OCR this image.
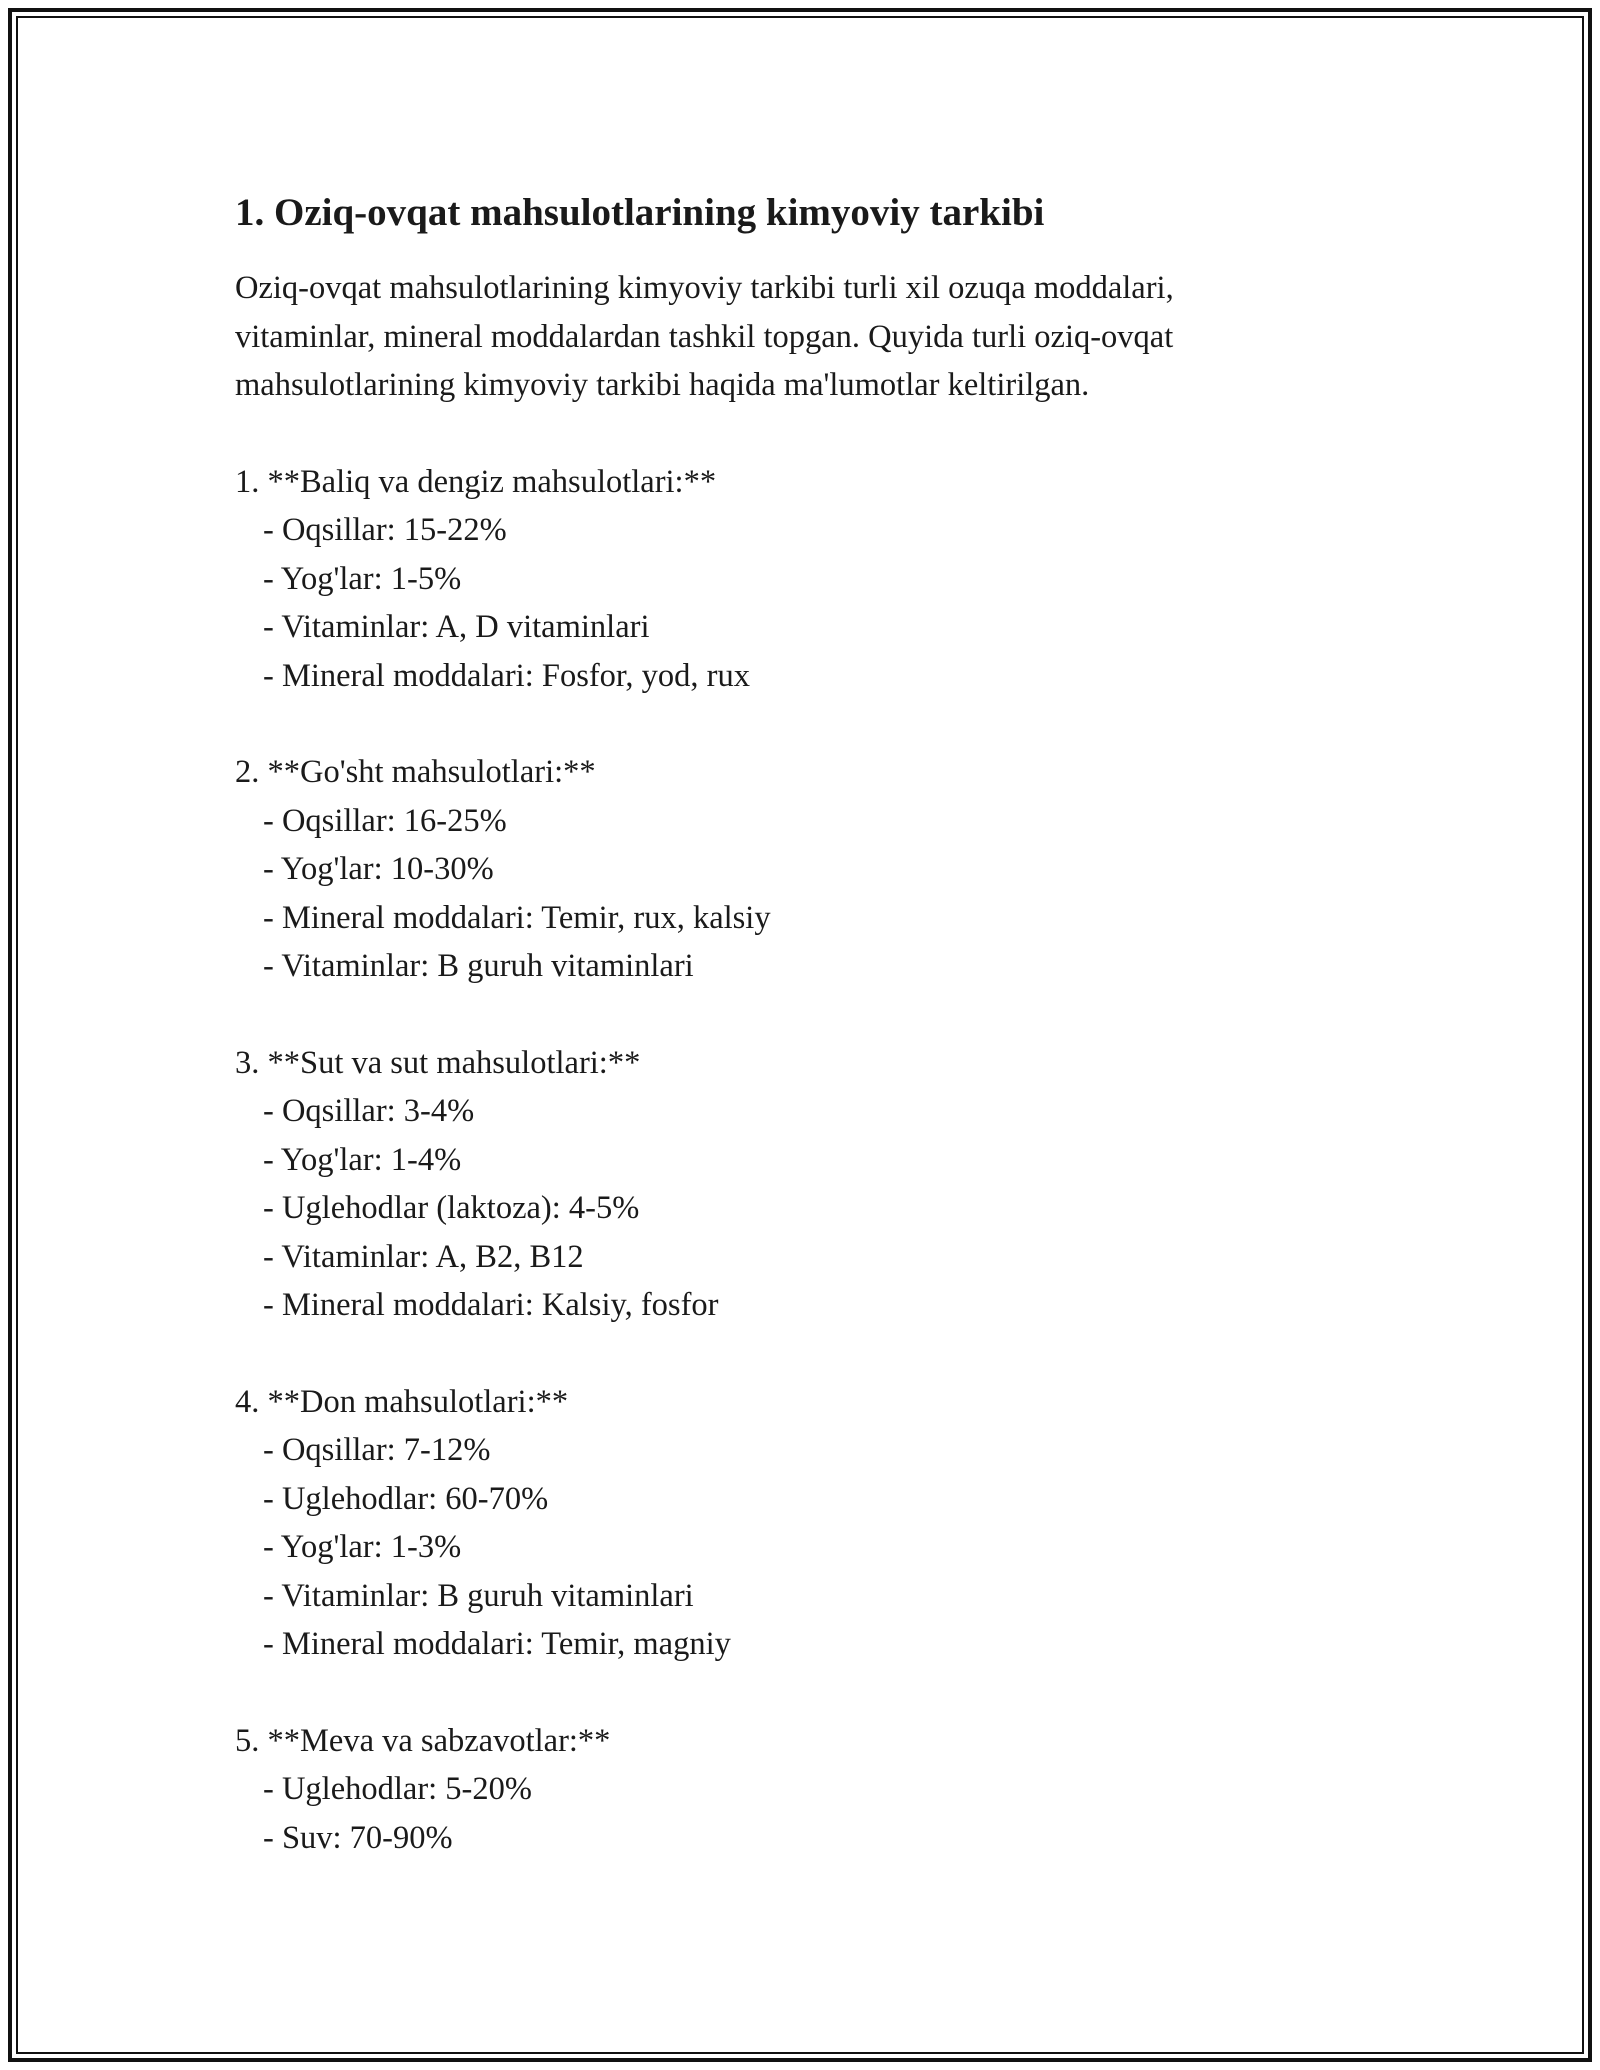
1. Oziq-ovqat mahsulotlarining kimyoviy tarkibi

Oziq-ovqat mahsulotlarining kimyoviy tarkibi turli xil ozuqa moddalari,
vitaminlar, mineral moddalardan tashkil topgan. Quyida turli oziq-ovqat
mahsulotlarining kimyoviy tarkibi haqida ma'lumotlar keltirilgan.

1. **Baliq va dengiz mahsulotlari:**
- Oqsillar: 15-22%
- Yog'lar: 1-5%
- Vitaminlar: A, D vitaminlari
- Mineral moddalari: Fosfor, yod, rux
2. **Go'sht mahsulotlari:**
- Oqsillar: 16-25%
- Yog'lar: 10-30%
- Mineral moddalari: Temir, rux, kalsiy
- Vitaminlar: B guruh vitaminlari
3. **Sut va sut mahsulotlari:**
- Oqsillar: 3-4%
- Yog'lar: 1-4%
- Uglehodlar (laktoza): 4-5%
- Vitaminlar: A, B2, B12
- Mineral moddalari: Kalsiy, fosfor
4. **Don mahsulotlari:**
- Oqsillar: 7-12%
- Uglehodlar: 60-70%
- Yog'lar: 1-3%
- Vitaminlar: B guruh vitaminlari
- Mineral moddalari: Temir, magniy
5. **Meva va sabzavotlar:**
- Uglehodlar: 5-20%
- Suv: 70-90%
